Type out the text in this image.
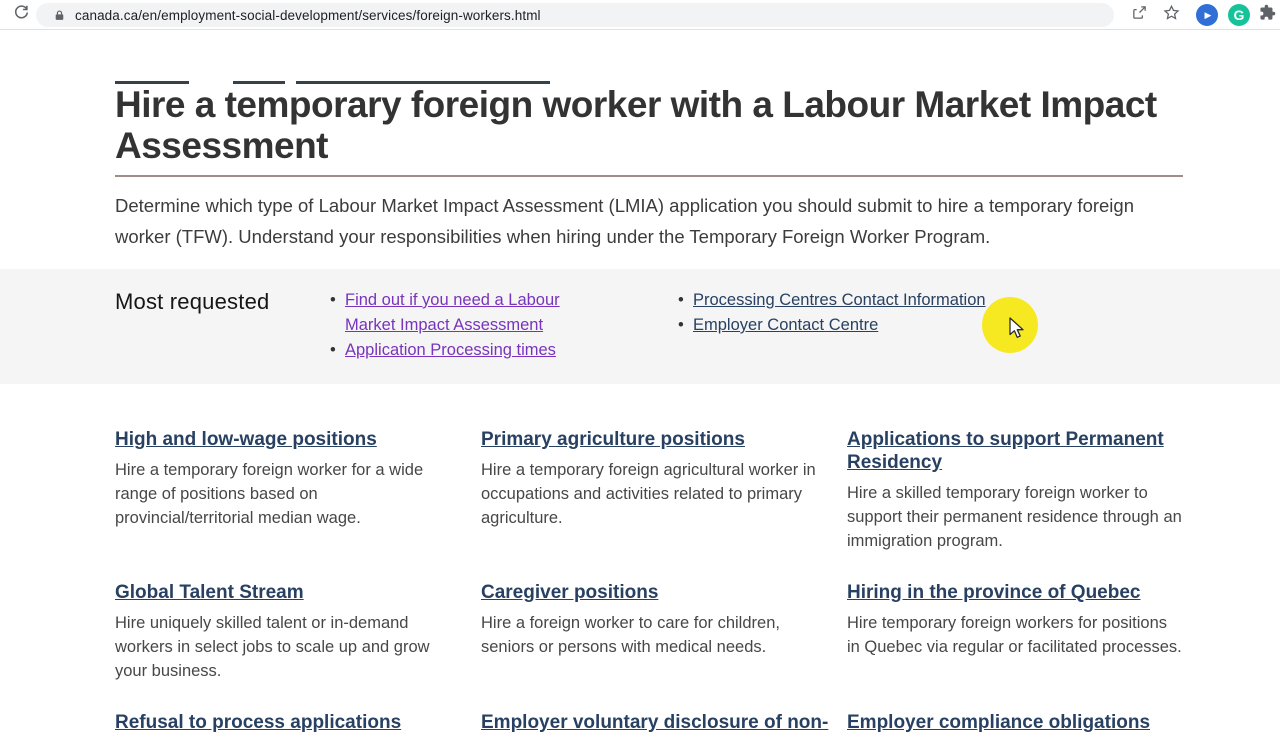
canada.ca/en/employment-social-development/services/foreign-workers.html	▶ G
Hire a temporary foreign worker with a Labour Market Impact Assessment

Determine which type of Labour Market Impact Assessment (LMIA) application you should submit to hire a temporary foreign worker (TFW). Understand your responsibilities when hiring under the Temporary Foreign Worker Program.

Most requested	• Find out if you need a Labour Market Impact Assessment
• Application Processing times
• Processing Centres Contact Information
• Employer Contact Centre
High and low-wage positions
Hire a temporary foreign worker for a wide range of positions based on provincial/territorial median wage.
Primary agriculture positions
Hire a temporary foreign agricultural worker in occupations and activities related to primary agriculture.
Applications to support Permanent Residency
Hire a skilled temporary foreign worker to support their permanent residence through an immigration program.
Global Talent Stream
Hire uniquely skilled talent or in-demand workers in select jobs to scale up and grow your business.
Caregiver positions
Hire a foreign worker to care for children, seniors or persons with medical needs.
Hiring in the province of Quebec
Hire temporary foreign workers for positions in Quebec via regular or facilitated processes.
Refusal to process applications	Employer voluntary disclosure of non- Employer compliance obligations
